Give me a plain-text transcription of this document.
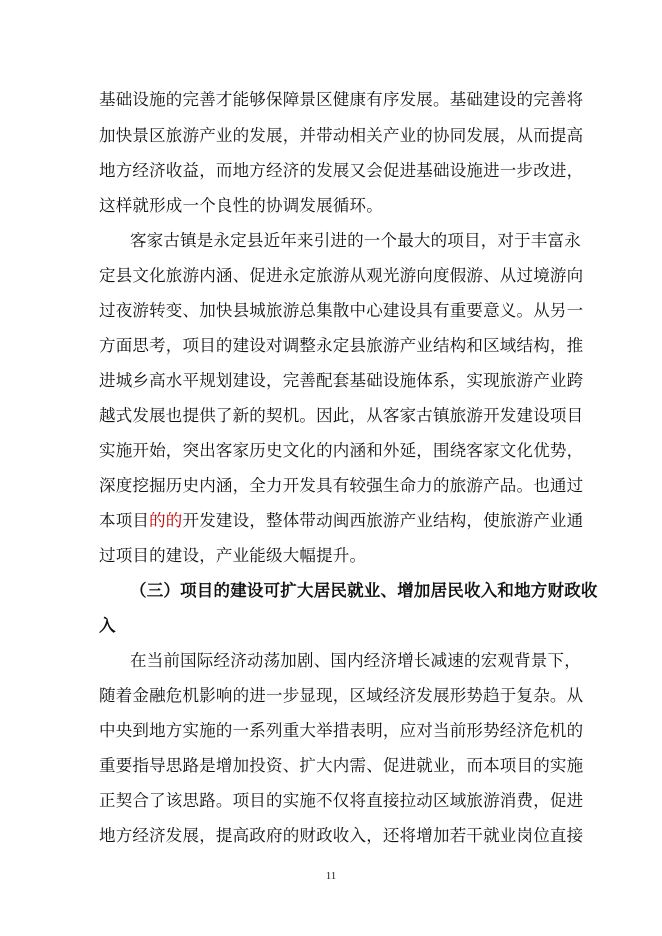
基础设施的完善才能够保障景区健康有序发展。基础建设的完善将
加快景区旅游产业的发展，并带动相关产业的协同发展，从而提高
地方经济收益，而地方经济的发展又会促进基础设施进一步改进，
这样就形成一个良性的协调发展循环。
客家古镇是永定县近年来引进的一个最大的项目，对于丰富永
定县文化旅游内涵、促进永定旅游从观光游向度假游、从过境游向
过夜游转变、加快县城旅游总集散中心建设具有重要意义。从另一
方面思考，项目的建设对调整永定县旅游产业结构和区域结构，推
进城乡高水平规划建设，完善配套基础设施体系，实现旅游产业跨
越式发展也提供了新的契机。因此，从客家古镇旅游开发建设项目
实施开始，突出客家历史文化的内涵和外延，围绕客家文化优势，
深度挖掘历史内涵，全力开发具有较强生命力的旅游产品。也通过
本项目的的开发建设，整体带动闽西旅游产业结构，使旅游产业通
过项目的建设，产业能级大幅提升。
（三）项目的建设可扩大居民就业、增加居民收入和地方财政收
入
在当前国际经济动荡加剧、国内经济增长减速的宏观背景下，
随着金融危机影响的进一步显现，区域经济发展形势趋于复杂。从
中央到地方实施的一系列重大举措表明，应对当前形势经济危机的
重要指导思路是增加投资、扩大内需、促进就业，而本项目的实施
正契合了该思路。项目的实施不仅将直接拉动区域旅游消费，促进
地方经济发展，提高政府的财政收入，还将增加若干就业岗位直接
11
